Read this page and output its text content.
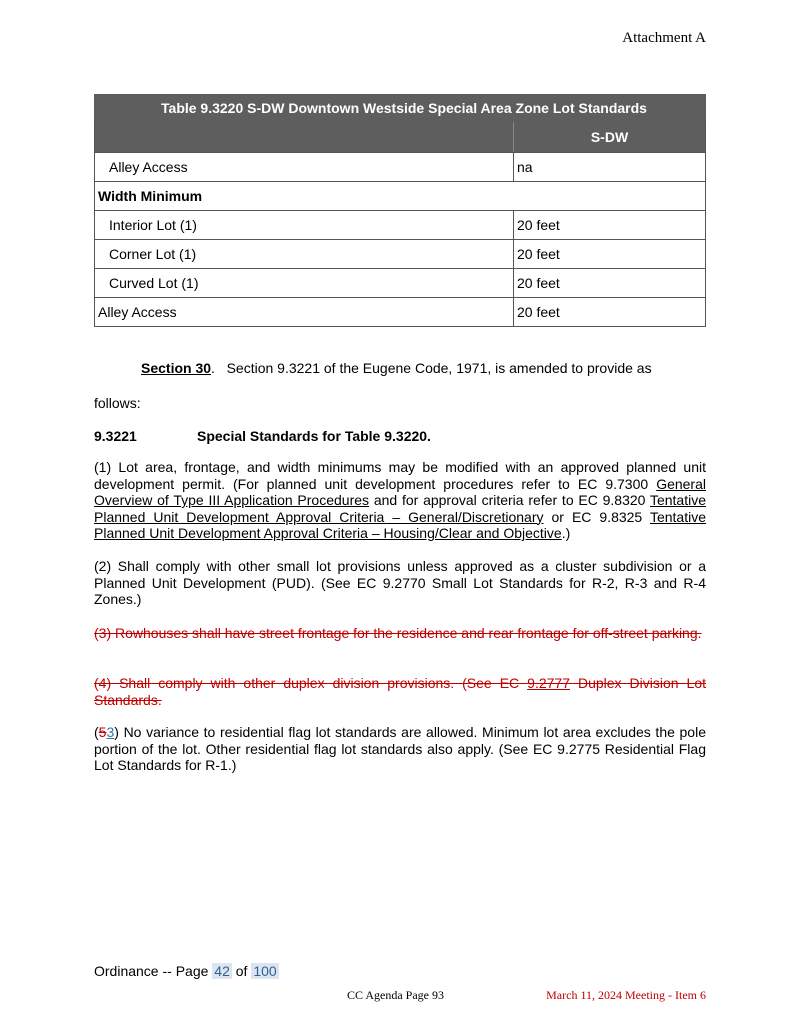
Attachment A
Table 9.3220 S-DW Downtown Westside Special Area Zone Lot Standards	
	S-DW
Alley Access	na
Width Minimum	
Interior Lot (1)	20 feet
Corner Lot (1)	20 feet
Curved Lot (1)	20 feet
Alley Access	20 feet
Section 30. Section 9.3221 of the Eugene Code, 1971, is amended to provide as
follows:
9.3221	Special Standards for Table 9.3220.
(1) Lot area, frontage, and width minimums may be modified with an approved planned unit development permit. (For planned unit development procedures refer to EC 9.7300 General Overview of Type III Application Procedures and for approval criteria refer to EC 9.8320 Tentative Planned Unit Development Approval Criteria – General/Discretionary or EC 9.8325 Tentative Planned Unit Development Approval Criteria – Housing/Clear and Objective.)
(2) Shall comply with other small lot provisions unless approved as a cluster subdivision or a Planned Unit Development (PUD). (See EC 9.2770 Small Lot Standards for R-2, R-3 and R-4 Zones.)
(3) Rowhouses shall have street frontage for the residence and rear frontage for off-street parking.
(4) Shall comply with other duplex division provisions. (See EC 9.2777 Duplex Division Lot Standards.
(53) No variance to residential flag lot standards are allowed. Minimum lot area excludes the pole portion of the lot. Other residential flag lot standards also apply. (See EC 9.2775 Residential Flag Lot Standards for R-1.)
Ordinance -- Page 42 of 100
CC Agenda Page 93	March 11, 2024 Meeting - Item 6
